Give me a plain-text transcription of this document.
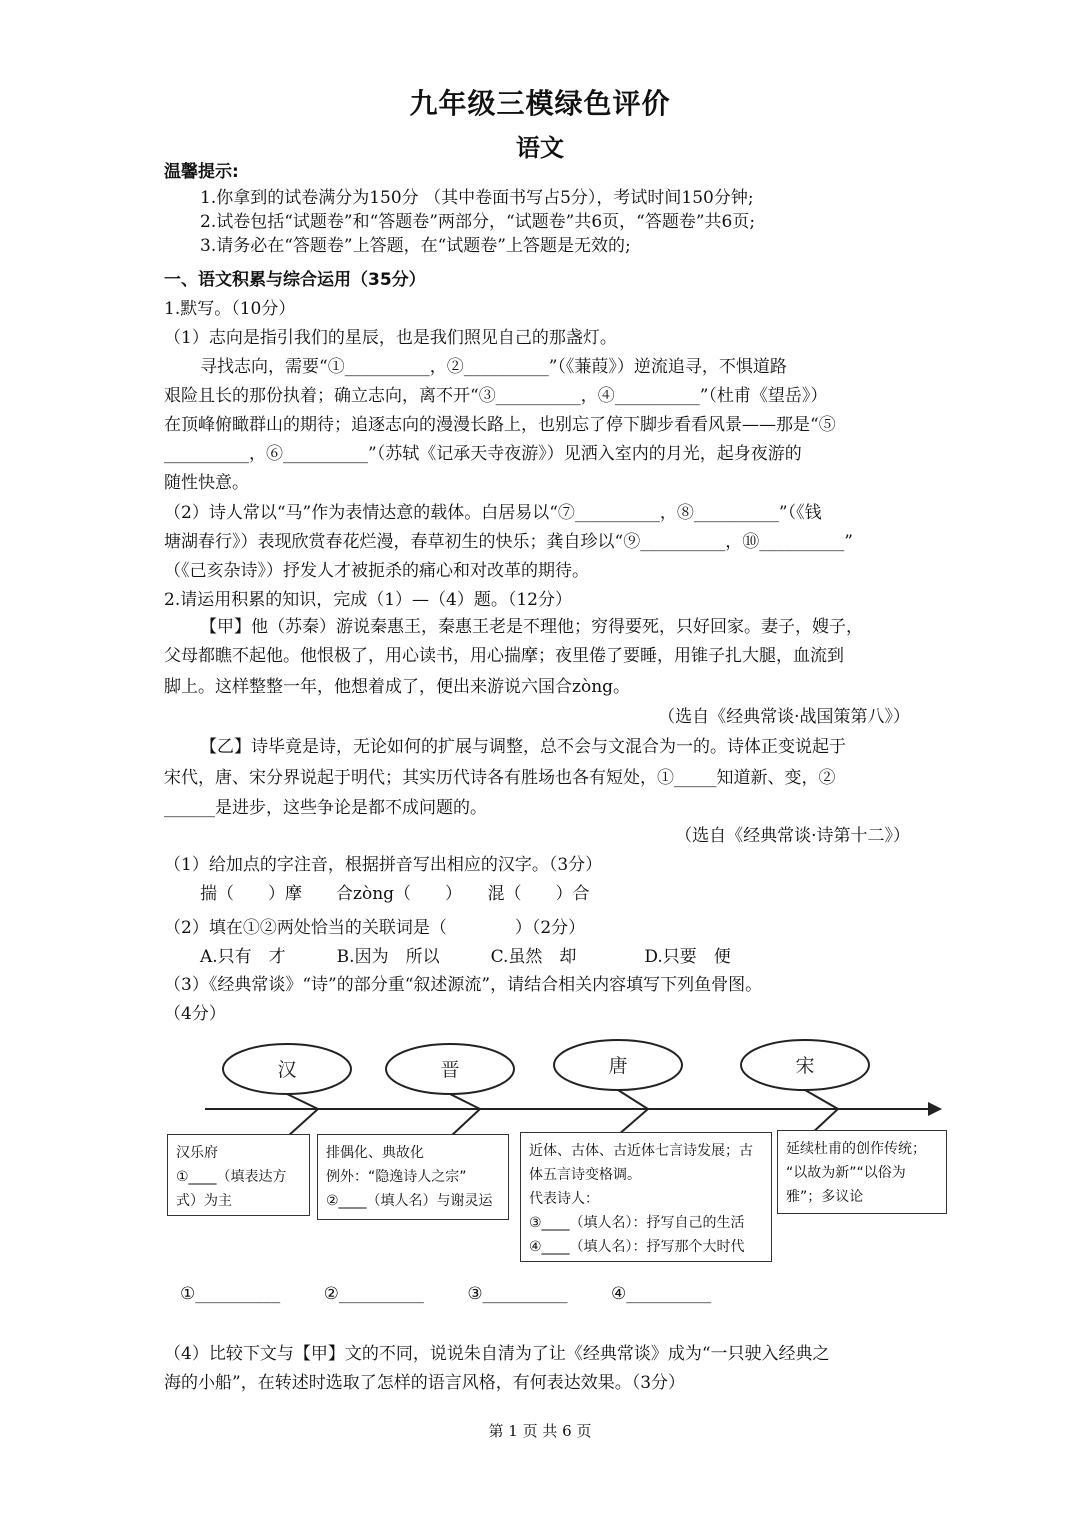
九年级三模绿色评价
语文
温馨提示:
1.你拿到的试卷满分为150分 （其中卷面书写占5分），考试时间150分钟;
2.试卷包括“试题卷”和“答题卷”两部分，“试题卷”共6页，“答题卷”共6页;
3.请务必在“答题卷”上答题，在“试题卷”上答题是无效的;
一、语文积累与综合运用（35分）
1.默写。（10分）
（1）志向是指引我们的星辰，也是我们照见自己的那盏灯。
寻找志向，需要“①__________，②__________”（《蒹葭》）逆流追寻，不惧道路
艰险且长的那份执着；确立志向，离不开“③__________，④__________”（杜甫《望岳》）
在顶峰俯瞰群山的期待；追逐志向的漫漫长路上，也别忘了停下脚步看看风景——那是“⑤
__________，⑥__________”（苏轼《记承天寺夜游》）见洒入室内的月光，起身夜游的
随性快意。
（2）诗人常以“马”作为表情达意的载体。白居易以“⑦__________，⑧__________”（《钱
塘湖春行》）表现欣赏春花烂漫，春草初生的快乐；龚自珍以“⑨__________，⑩__________”
（《己亥杂诗》）抒发人才被扼杀的痛心和对改革的期待。
2.请运用积累的知识，完成（1）—（4）题。（12分）
【甲】他（苏秦）游说秦惠王，秦惠王老是不理他；穷得要死，只好回家。妻子，嫂子，
父母都瞧不起他。他恨极了，用心读书，用心揣摩；夜里倦了要睡，用锥子扎大腿，血流到
脚上。这样整整一年，他想着成了，便出来游说六国合zòng。
（选自《经典常谈·战国策第八》）
【乙】诗毕竟是诗，无论如何的扩展与调整，总不会与文混合为一的。诗体正变说起于
宋代，唐、宋分界说起于明代；其实历代诗各有胜场也各有短处，①_____知道新、变，②
______是进步，这些争论是都不成问题的。
（选自《经典常谈·诗第十二》）
（1）给加点的字注音，根据拼音写出相应的汉字。（3分）
揣（　　）摩　　合zòng（　　）　　混（　　）合
（2）填在①②两处恰当的关联词是（　　　　）（2分）
A.只有　才　　　B.因为　所以　　　C.虽然　却　　　　D.只要　便
（3）《经典常谈》“诗”的部分重“叙述源流”，请结合相关内容填写下列鱼骨图。
（4分）
汉	晋	唐	宋
汉乐府
①____（填表达方
式）为主
排偶化、典故化
例外：“隐逸诗人之宗”
②____（填人名）与谢灵运
近体、古体、古近体七言诗发展；古
体五言诗变格调。
代表诗人：
③____（填人名）：抒写自己的生活
④____（填人名）：抒写那个大时代
延续杜甫的创作传统；
“以故为新”“以俗为
雅”；多议论
①__________	②__________	③__________	④__________
（4）比较下文与【甲】文的不同，说说朱自清为了让《经典常谈》成为“一只驶入经典之
海的小船”，在转述时选取了怎样的语言风格，有何表达效果。（3分）
第 1 页 共 6 页
